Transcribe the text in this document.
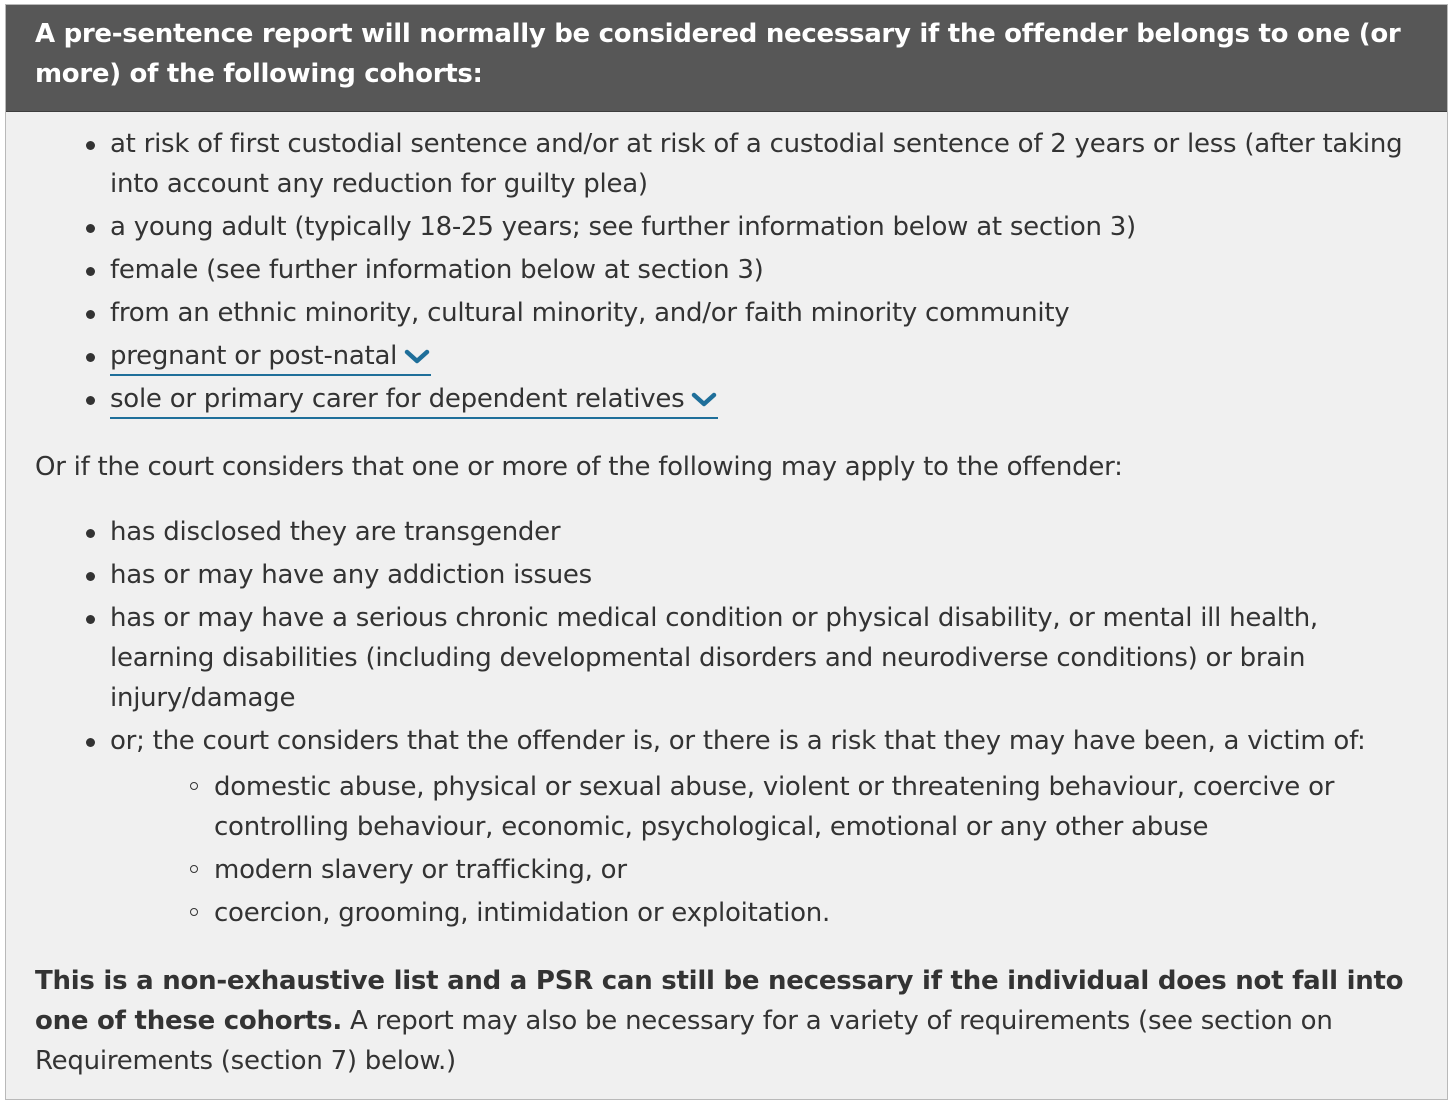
A pre-sentence report will normally be considered necessary if the offender belongs to one (or more) of the following cohorts:
at risk of first custodial sentence and/or at risk of a custodial sentence of 2 years or less (after taking into account any reduction for guilty plea)
a young adult (typically 18-25 years; see further information below at section 3)
female (see further information below at section 3)
from an ethnic minority, cultural minority, and/or faith minority community
pregnant or post-natal
sole or primary carer for dependent relatives

Or if the court considers that one or more of the following may apply to the offender:

has disclosed they are transgender
has or may have any addiction issues
has or may have a serious chronic medical condition or physical disability, or mental ill health, learning disabilities (including developmental disorders and neurodiverse conditions) or brain injury/damage
or; the court considers that the offender is, or there is a risk that they may have been, a victim of:
domestic abuse, physical or sexual abuse, violent or threatening behaviour, coercive or controlling behaviour, economic, psychological, emotional or any other abuse
modern slavery or trafficking, or
coercion, grooming, intimidation or exploitation.

This is a non-exhaustive list and a PSR can still be necessary if the individual does not fall into one of these cohorts. A report may also be necessary for a variety of requirements (see section on Requirements (section 7) below.)
